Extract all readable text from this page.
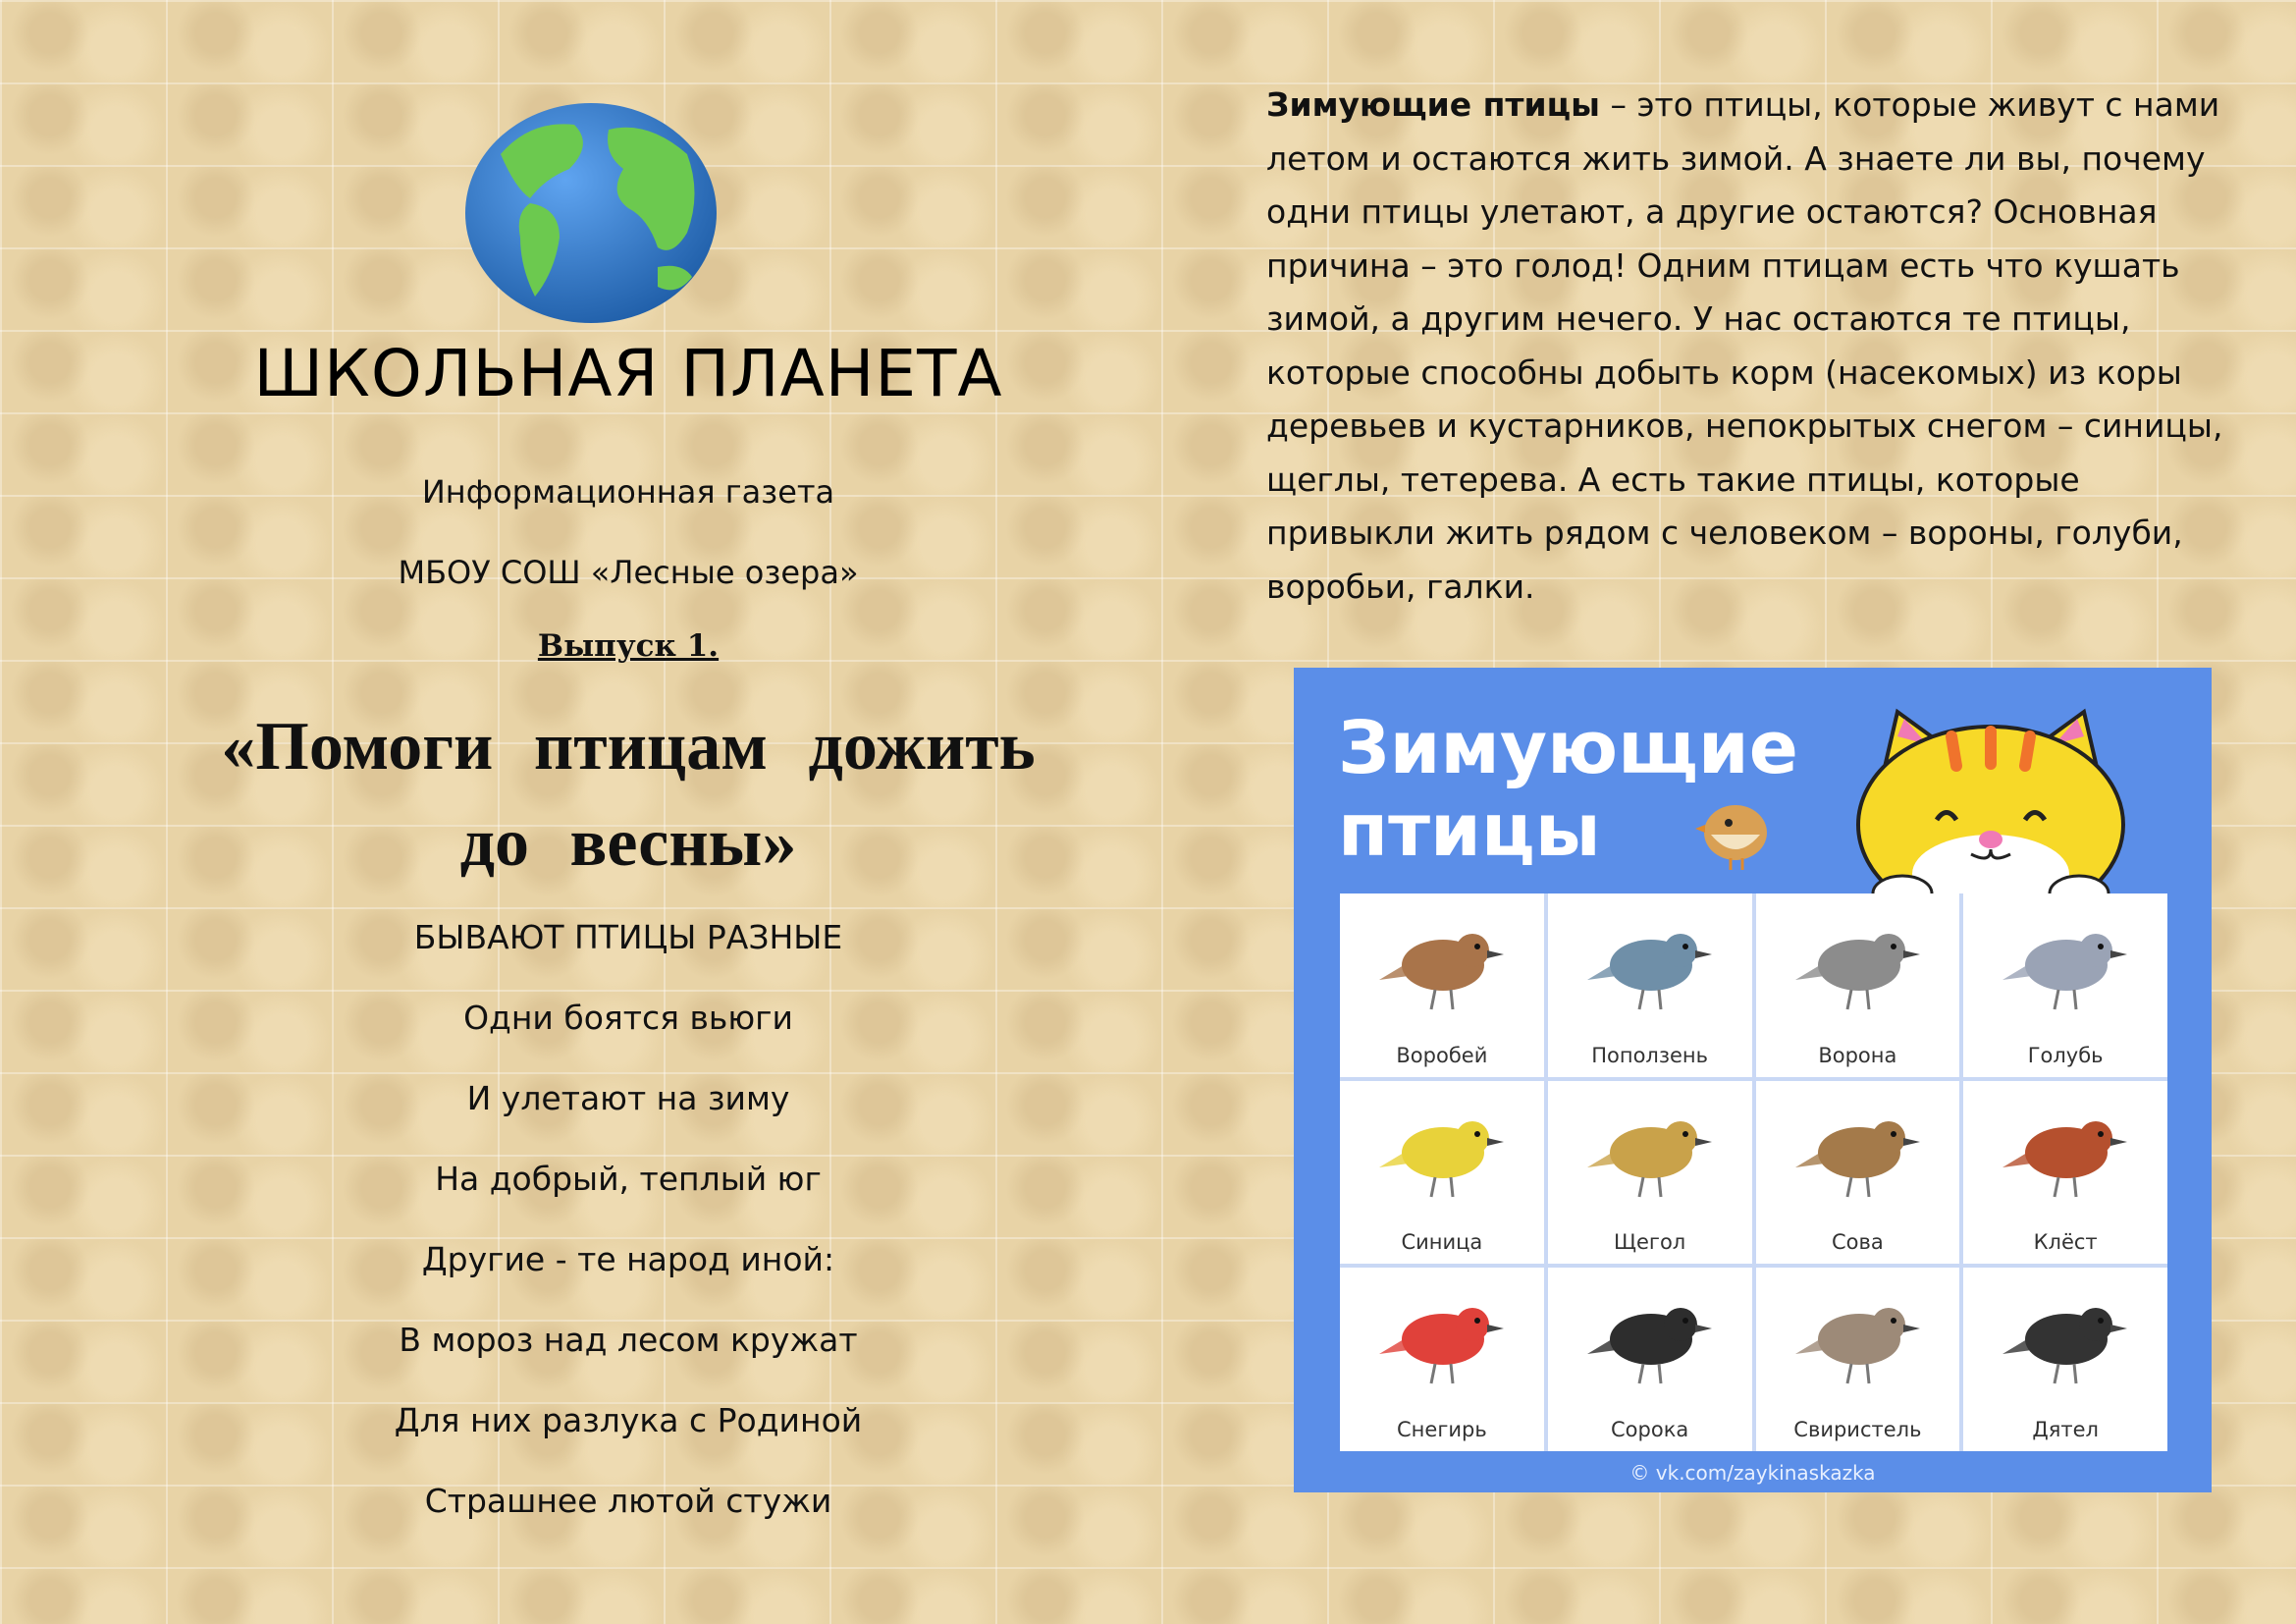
ШКОЛЬНАЯ ПЛАНЕТА
Информационная газета
МБОУ СОШ «Лесные озера»
Выпуск 1.
«Помоги птицам дожить
до весны»
БЫВАЮТ ПТИЦЫ РАЗНЫЕ
Одни боятся вьюги
И улетают на зиму
На добрый, теплый юг
Другие - те народ иной:
В мороз над лесом кружат
Для них разлука с Родиной
Страшнее лютой стужи
Зимующие птицы – это птицы, которые живут с нами летом и остаются жить зимой. А знаете ли вы, почему одни птицы улетают, а другие остаются? Основная причина – это голод! Одним птицам есть что кушать зимой, а другим нечего. У нас остаются те птицы, которые способны добыть корм (насекомых) из коры деревьев и кустарников, непокрытых снегом – синицы, щеглы, тетерева. А есть такие птицы, которые привыкли жить рядом с человеком – вороны, голуби, воробьи, галки.
Зимующие
птицы
Воробей	Поползень	Ворона	Голубь
Синица	Щегол	Сова	Клёст
Снегирь	Сорока	Свиристель	Дятел
© vk.com/zaykinaskazka
